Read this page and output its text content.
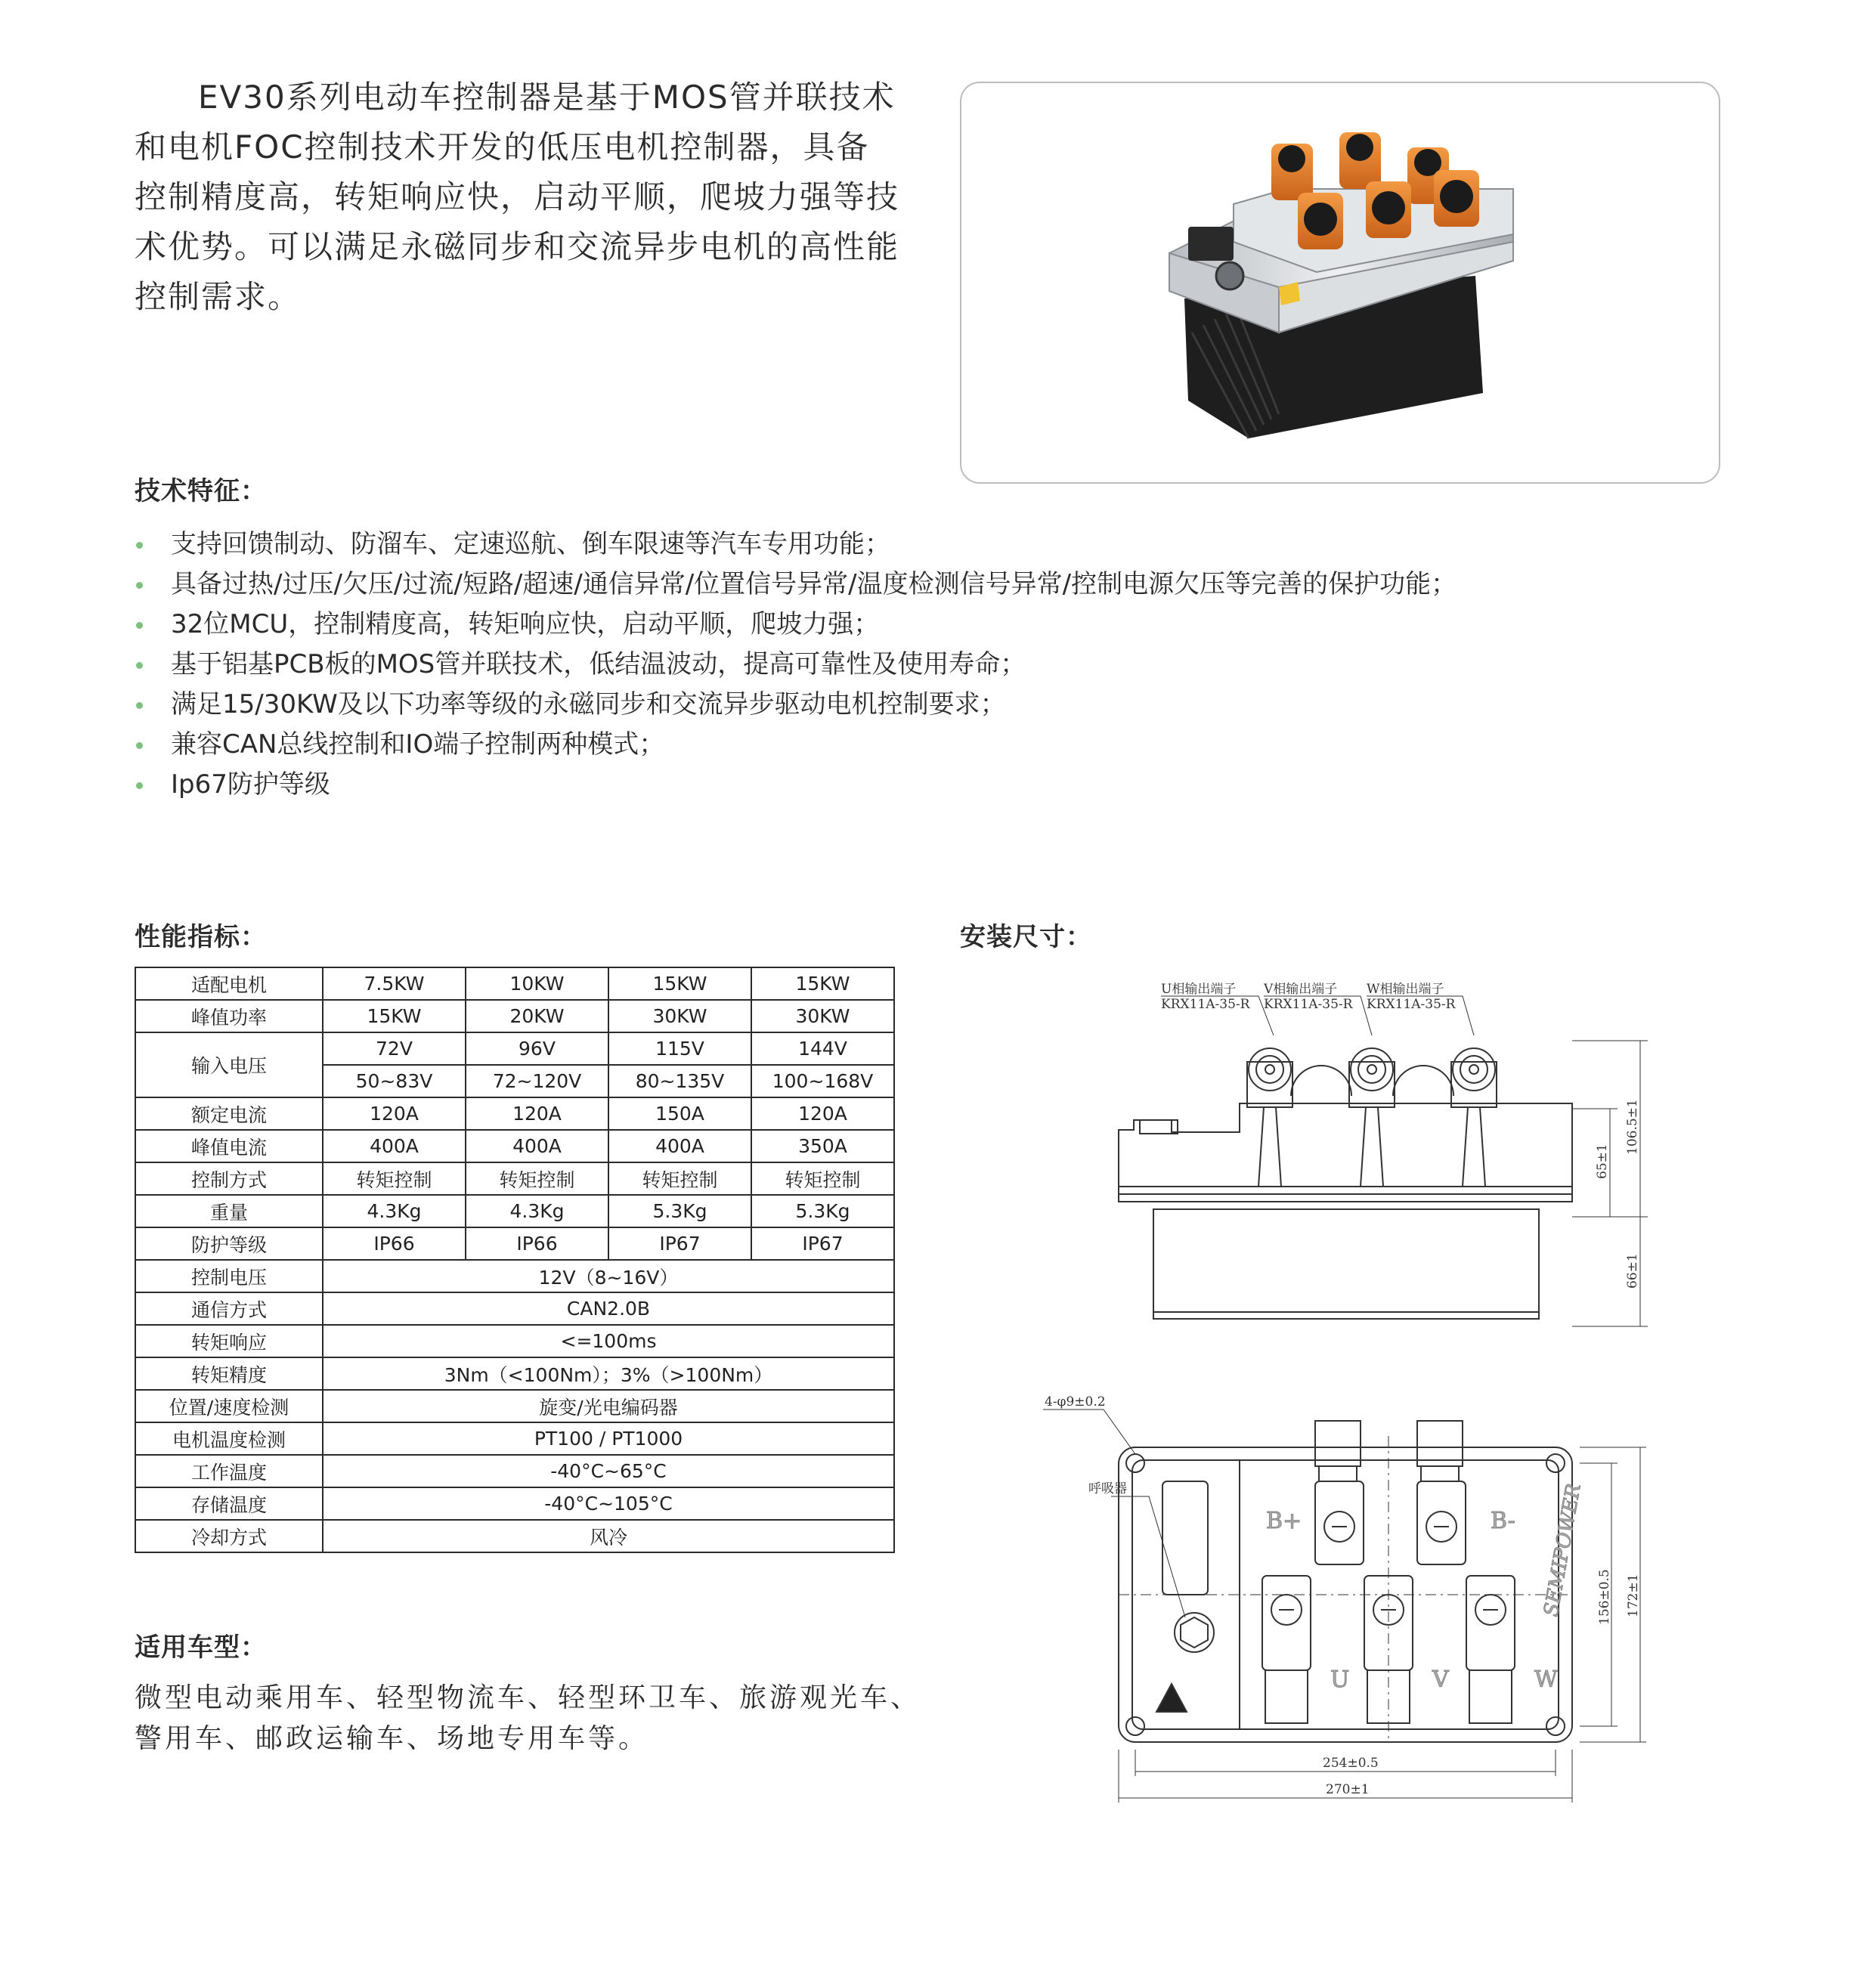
EV30系列电动车控制器是基于MOS管并联技术和电机FOC控制技术开发的低压电机控制器，具备控制精度高，转矩响应快，启动平顺，爬坡力强等技术优势。可以满足永磁同步和交流异步电机的高性能控制需求。
技术特征：
支持回馈制动、防溜车、定速巡航、倒车限速等汽车专用功能；
具备过热/过压/欠压/过流/短路/超速/通信异常/位置信号异常/温度检测信号异常/控制电源欠压等完善的保护功能；
32位MCU，控制精度高，转矩响应快，启动平顺，爬坡力强；
基于铝基PCB板的MOS管并联技术，低结温波动，提高可靠性及使用寿命；
满足15/30KW及以下功率等级的永磁同步和交流异步驱动电机控制要求；
兼容CAN总线控制和IO端子控制两种模式；
Ip67防护等级
性能指标：
适配电机	7.5KW	10KW	15KW	15KW
峰值功率	15KW	20KW	30KW	30KW
输入电压	72V	96V	115V	144V
	50~83V	72~120V	80~135V	100~168V
额定电流	120A	120A	150A	120A
峰值电流	400A	400A	400A	350A
控制方式	转矩控制	转矩控制	转矩控制	转矩控制
重量	4.3Kg	4.3Kg	5.3Kg	5.3Kg
防护等级	IP66	IP66	IP67	IP67
控制电压	12V（8~16V）			
通信方式	CAN2.0B			
转矩响应	<=100ms			
转矩精度	3Nm（<100Nm）；3%（>100Nm）			
位置/速度检测	旋变/光电编码器			
电机温度检测	PT100 / PT1000			
工作温度	-40°C~65°C			
存储温度	-40°C~105°C			
冷却方式	风冷			
适用车型：
微型电动乘用车、轻型物流车、轻型环卫车、旅游观光车、警用车、邮政运输车、场地专用车等。
安装尺寸：
U相输出端子
KRX11A-35-R
V相输出端子
KRX11A-35-R
W相输出端子
KRX11A-35-R
106.5±1
65±1
66±1
4-φ9±0.2
呼吸器
156±0.5 172±1
254±0.5
270±1
B+	B-
U	V	W
SEMIPOWER
